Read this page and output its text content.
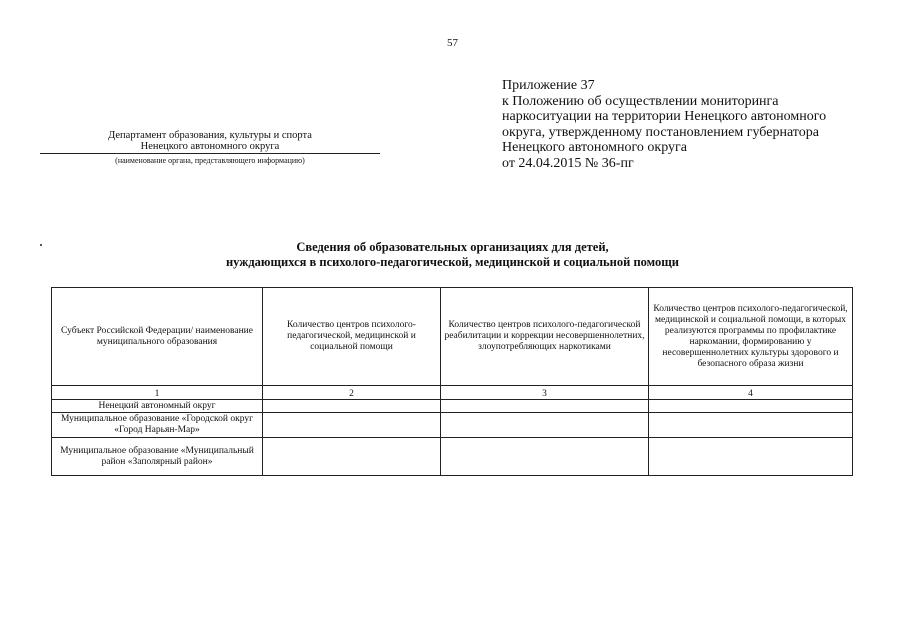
57
Приложение 37
к Положению об осуществлении мониторинга
наркоситуации на территории Ненецкого автономного
округа, утвержденному постановлением губернатора
Ненецкого автономного округа
от 24.04.2015 № 36-пг
Департамент образования, культуры и спорта
Ненецкого автономного округа
(наименование органа, представляющего информацию)
Сведения об образовательных организациях для детей,
нуждающихся в психолого-педагогической, медицинской и социальной помощи
Субъект Российской Федерации/ наименование муниципального образования	Количество центров психолого-педагогической, медицинской и социальной помощи	Количество центров психолого-педагогической реабилитации и коррекции несовершеннолетних, злоупотребляющих наркотиками	Количество центров психолого-педагогической, медицинской и социальной помощи, в которых реализуются программы по профилактике наркомании, формированию у несовершеннолетних культуры здорового и безопасного образа жизни
1	2	3	4
Ненецкий автономный округ			
Муниципальное образование «Городской округ «Город Нарьян-Мар»			
Муниципальное образование «Муниципальный район «Заполярный район»			
